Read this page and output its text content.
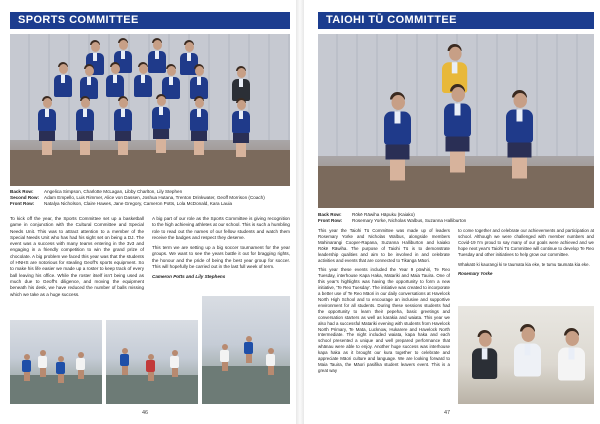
SPORTS COMMITTEE
Back Row: Angelica Simpson, Charlotte McLagan, Libby Charlton, Lily Stephen
Second Row: Adam Empello, Luis Rimmer, Alice von Dassen, Joshua Hutana, Trenton Drinkwater, Geoff Morrison (Coach)
Front Row: Natalya Nicholson, Claire Hawes, Jane Gregory, Cameron Potts, Lola McDonald, Kara Lauia

To kick off the year, the Sports Committee set up a basketball game in conjunction with the Cultural Committee and Special Needs Unit. This was to attract attention to a member of the Special Needs Unit who has had his sight set on being a DJ. The event was a success with many teams entering in the 3v3 and engaging in a friendly competition to win the grand prize of chocolate. A big problem we faced this year was that the students of HNHS are notorious for stealing Geoff's sports equipment. So to make his life easier we made up a roster to keep track of every ball leaving his office. While the roster itself isn't being used as much due to Geoff's diligence, and moving the equipment beneath his desk, we have reduced the number of balls missing which we take as a huge success.

A big part of our role as the Sports Committee is giving recognition to the high achieving athletes at our school. This is such a humbling role to read out the names of our fellow students and watch them receive the badges and respect they deserve.

This term we are setting up a big soccer tournament for the year groups. We want to see the years battle it out for bragging rights, the honour and the pride of being the best year group for soccer. This will hopefully be carried out in the last full week of term.

Cameron Potts and Lily Stephens

46
TAIOHI TŪ COMMITTEE
Back Row: Rōkē Rāwiha Hāpuku (Kaiako)
Front Row: Rosemary Yorke, Nicholas Walbus, Suzanna Halliburton

This year the Taiohi Tū Committee was made up of leaders Rosemary Yorke and Nicholas Walbus, alongside members Mahinarangi Cooper-Rapana, Suzanna Halliburton and kaiako Rōkē Rāwiha. The purpose of Taiohi Tū is to demonstrate leadership qualities and aim to be involved in and celebrate activities and events that are connected to Tikanga Māori.

This year these events included the Year 9 pōwhiri, Te Reo Tuesday, interhouse Kapa Haka, Matariki and Maia Tauira. One of this year's highlights was having the opportunity to form a new initiative, 'Te Reo Tuesday'. The initiative was created to incorporate a better use of Te Reo Māori in our daily conversations at Havelock North High School and to encourage an inclusive and supportive environment for all students. During these sessions students had the opportunity to learn their pepeha, basic greetings and conversation starters as well as karakia and waiata. This year we also had a successful Matariki evening with students from Havelock North Primary, Te Mata, Lucknow, Hukarere and Havelock North Intermediate. The night included waiata, kapa haka and each school presented a unique and well prepared performance that whānau were able to enjoy. Another huge success was interhouse kapa haka as it brought our kura together to celebrate and appreciate Māori culture and language. We are looking forward to Maia Tauira, the Māori pasifika student leavers event. This is a great way

to come together and celebrate our achievements and participation at school. Although we were challenged with member numbers and Covid-19 I'm proud to say many of our goals were achieved and we hope next year's Taiohi Tū Committee will continue to develop Te Reo Tuesday and other initiatives to help grow our committee.

Whakatō ki kaurangi ki te taumata kia eke, te tumu taumata kia eke.

Rosemary Yorke

47
